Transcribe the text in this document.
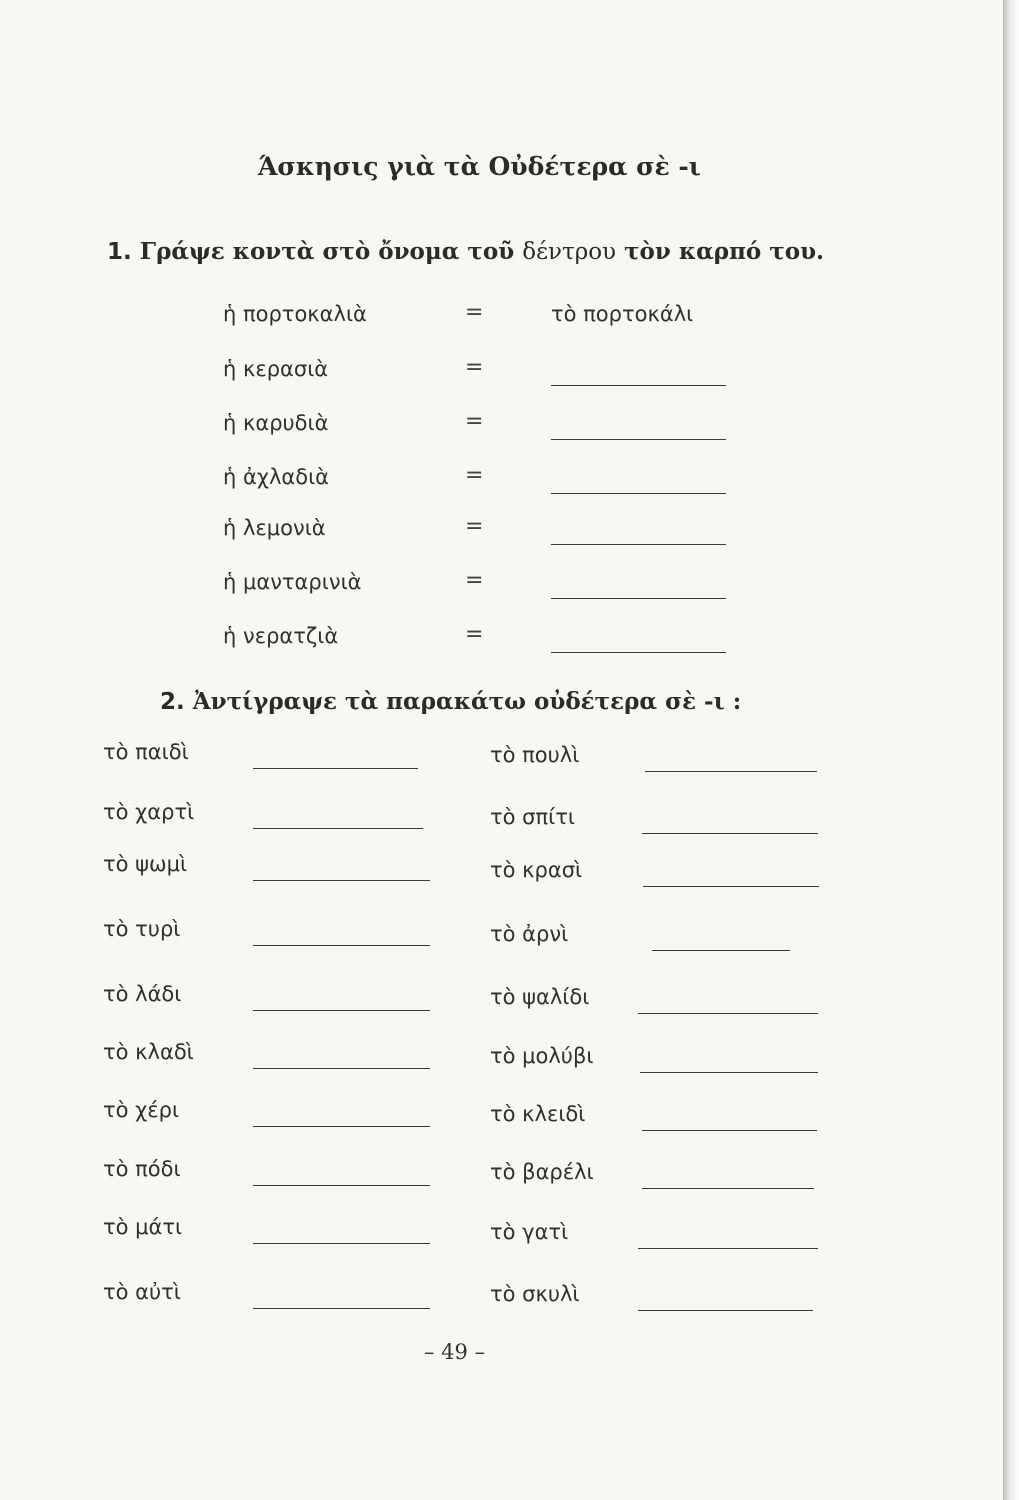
Άσκησις γιὰ τὰ Οὐδέτερα σὲ -ι
1. Γράψε κοντὰ στὸ ὄνομα τοῦ δέντρου τὸν καρπό του.
ἡ πορτοκαλιὰ	=	τὸ πορτοκάλι
ἡ κερασιὰ	=
ἡ καρυδιὰ	=
ἡ ἀχλαδιὰ	=
ἡ λεμονιὰ	=
ἡ μανταρινιὰ	=
ἡ νερατζιὰ	=
2. Ἀντίγραψε τὰ παρακάτω οὐδέτερα σὲ -ι :
τὸ παιδὶ
τὸ χαρτὶ
τὸ ψωμὶ
τὸ τυρὶ
τὸ λάδι
τὸ κλαδὶ
τὸ χέρι
τὸ πόδι
τὸ μάτι
τὸ αὐτὶ
τὸ πουλὶ
τὸ σπίτι
τὸ κρασὶ
τὸ ἀρνὶ
τὸ ψαλίδι
τὸ μολύβι
τὸ κλειδὶ
τὸ βαρέλι
τὸ γατὶ
τὸ σκυλὶ
– 49 –
